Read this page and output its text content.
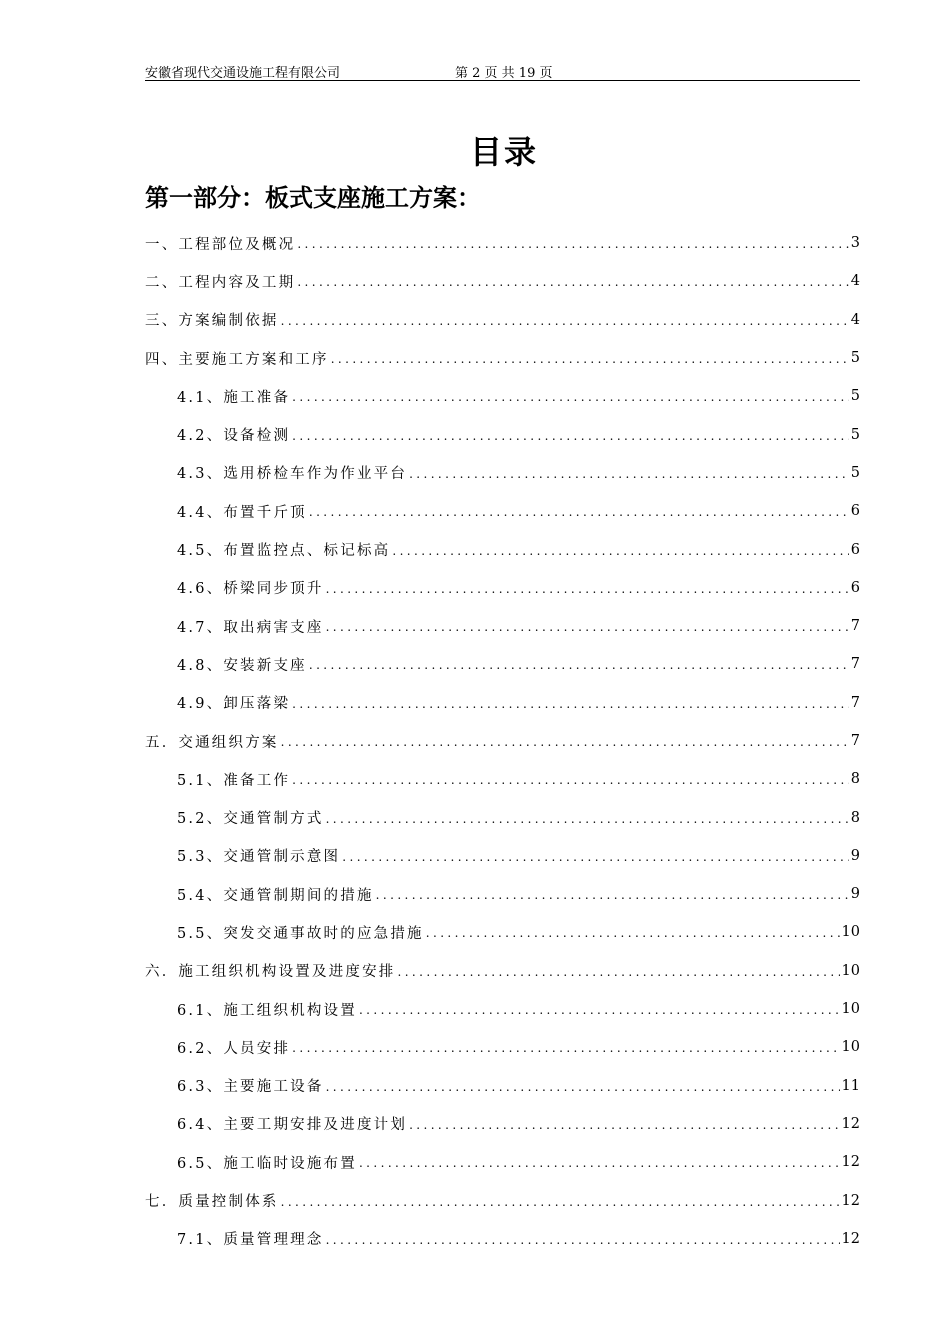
安徽省现代交通设施工程有限公司	第 2 页 共 19 页
目录
第一部分：板式支座施工方案：
一、工程部位及概况 .....	3
二、工程内容及工期 .....	4
三、方案编制依据 .....	4
四、主要施工方案和工序 .....	5
4.1、施工准备 .....	5
4.2、设备检测 .....	5
4.3、选用桥检车作为作业平台 .....	5
4.4、布置千斤顶 .....	6
4.5、布置监控点、标记标高 .....	6
4.6、桥梁同步顶升 .....	6
4.7、取出病害支座 .....	7
4.8、安装新支座 .....	7
4.9、卸压落梁 .....	7
五．交通组织方案 .....	7
5.1、准备工作 .....	8
5.2、交通管制方式 .....	8
5.3、交通管制示意图 .....	9
5.4、交通管制期间的措施 .....	9
5.5、突发交通事故时的应急措施 .....	10
六．施工组织机构设置及进度安排 .....	10
6.1、施工组织机构设置 .....	10
6.2、人员安排 .....	10
6.3、主要施工设备 .....	11
6.4、主要工期安排及进度计划 .....	12
6.5、施工临时设施布置 .....	12
七．质量控制体系 .....	12
7.1、质量管理理念 .....	12
